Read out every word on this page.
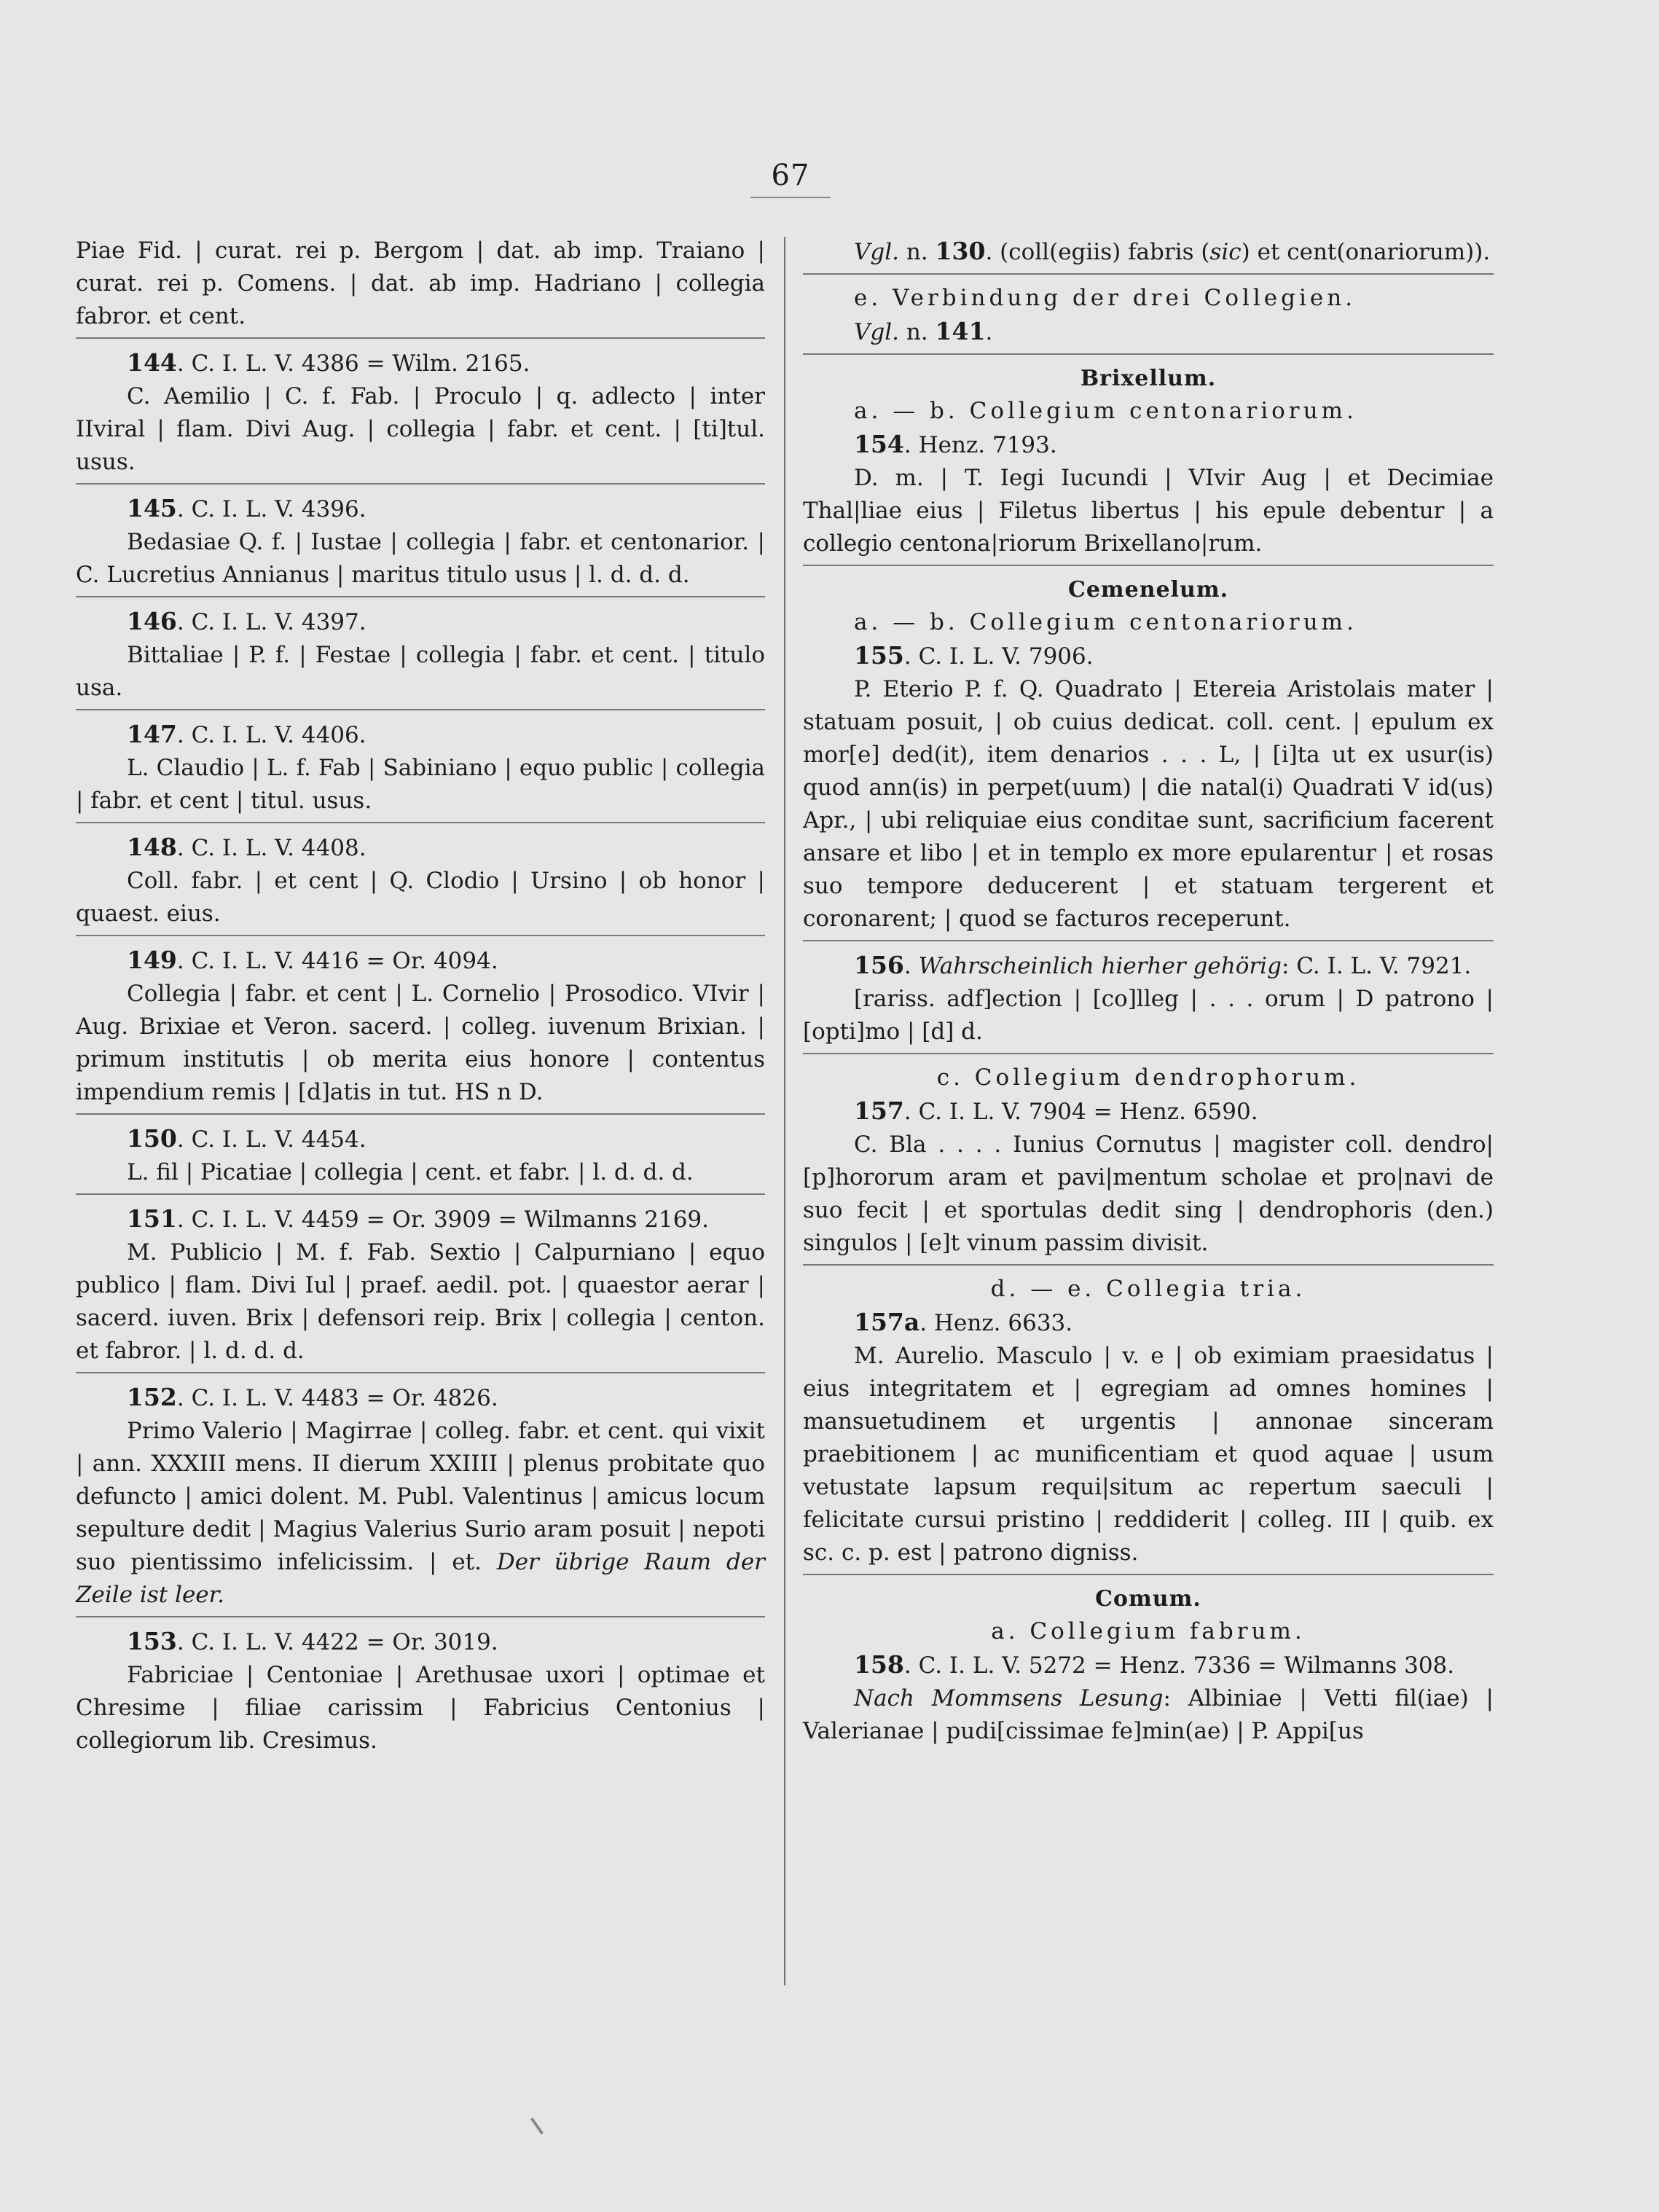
67

Piae Fid. | curat. rei p. Bergom | dat. ab imp. Traiano | curat. rei p. Comens. | dat. ab imp. Hadriano | collegia fabror. et cent.

144. C. I. L. V. 4386 = Wilm. 2165.

C. Aemilio | C. f. Fab. | Proculo | q. adlecto | inter IIviral | flam. Divi Aug. | collegia | fabr. et cent. | [ti]tul. usus.

145. C. I. L. V. 4396.

Bedasiae Q. f. | Iustae | collegia | fabr. et centonarior. | C. Lucretius Annianus | maritus titulo usus | l. d. d. d.

146. C. I. L. V. 4397.

Bittaliae | P. f. | Festae | collegia | fabr. et cent. | titulo usa.

147. C. I. L. V. 4406.

L. Claudio | L. f. Fab | Sabiniano | equo public | collegia | fabr. et cent | titul. usus.

148. C. I. L. V. 4408.

Coll. fabr. | et cent | Q. Clodio | Ursino | ob honor | quaest. eius.

149. C. I. L. V. 4416 = Or. 4094.

Collegia | fabr. et cent | L. Cornelio | Prosodico. VIvir | Aug. Brixiae et Veron. sacerd. | colleg. iuvenum Brixian. | primum institutis | ob merita eius honore | contentus impendium remis | [d]atis in tut. HS n D.

150. C. I. L. V. 4454.

L. fil | Picatiae | collegia | cent. et fabr. | l. d. d. d.

151. C. I. L. V. 4459 = Or. 3909 = Wilmanns 2169.

M. Publicio | M. f. Fab. Sextio | Calpurniano | equo publico | flam. Divi Iul | praef. aedil. pot. | quaestor aerar | sacerd. iuven. Brix | defensori reip. Brix | collegia | centon. et fabror. | l. d. d. d.

152. C. I. L. V. 4483 = Or. 4826.

Primo Valerio | Magirrae | colleg. fabr. et cent. qui vixit | ann. XXXIII mens. II dierum XXIIII | plenus probitate quo defuncto | amici dolent. M. Publ. Valentinus | amicus locum sepulture dedit | Magius Valerius Surio aram posuit | nepoti suo pientissimo infelicissim. | et. Der übrige Raum der Zeile ist leer.

153. C. I. L. V. 4422 = Or. 3019.

Fabriciae | Centoniae | Arethusae uxori | optimae et Chresime | filiae carissim | Fabricius Centonius | collegiorum lib. Cresimus.

Vgl. n. 130. (coll(egiis) fabris (sic) et cent(onariorum)).

e. Verbindung der drei Collegien.

Vgl. n. 141.

Brixellum.

a. — b. Collegium centonariorum.

154. Henz. 7193.

D. m. | T. Iegi Iucundi | VIvir Aug | et Decimiae Thal|liae eius | Filetus libertus | his epule debentur | a collegio centona|riorum Brixellano|rum.

Cemenelum.

a. — b. Collegium centonariorum.

155. C. I. L. V. 7906.

P. Eterio P. f. Q. Quadrato | Etereia Aristolais mater | statuam posuit, | ob cuius dedicat. coll. cent. | epulum ex mor[e] ded(it), item denarios . . . L, | [i]ta ut ex usur(is) quod ann(is) in perpet(uum) | die natal(i) Quadrati V id(us) Apr., | ubi reliquiae eius conditae sunt, sacrificium facerent ansare et libo | et in templo ex more epularentur | et rosas suo tempore deducerent | et statuam tergerent et coronarent; | quod se facturos receperunt.

156. Wahrscheinlich hierher gehörig: C. I. L. V. 7921.

[rariss. adf]ection | [co]lleg | . . . orum | D patrono | [opti]mo | [d] d.

c. Collegium dendrophorum.

157. C. I. L. V. 7904 = Henz. 6590.

C. Bla . . . . Iunius Cornutus | magister coll. dendro|[p]hororum aram et pavi|mentum scholae et pro|navi de suo fecit | et sportulas dedit sing | dendrophoris (den.) singulos | [e]t vinum passim divisit.

d. — e. Collegia tria.

157a. Henz. 6633.

M. Aurelio. Masculo | v. e | ob eximiam praesidatus | eius integritatem et | egregiam ad omnes homines | mansuetudinem et urgentis | annonae sinceram praebitionem | ac munificentiam et quod aquae | usum vetustate lapsum requi|situm ac repertum saeculi | felicitate cursui pristino | reddiderit | colleg. III | quib. ex sc. c. p. est | patrono digniss.

Comum.

a. Collegium fabrum.

158. C. I. L. V. 5272 = Henz. 7336 = Wilmanns 308.

Nach Mommsens Lesung: Albiniae | Vetti fil(iae) | Valerianae | pudi[cissimae fe]min(ae) | P. Appi[us
